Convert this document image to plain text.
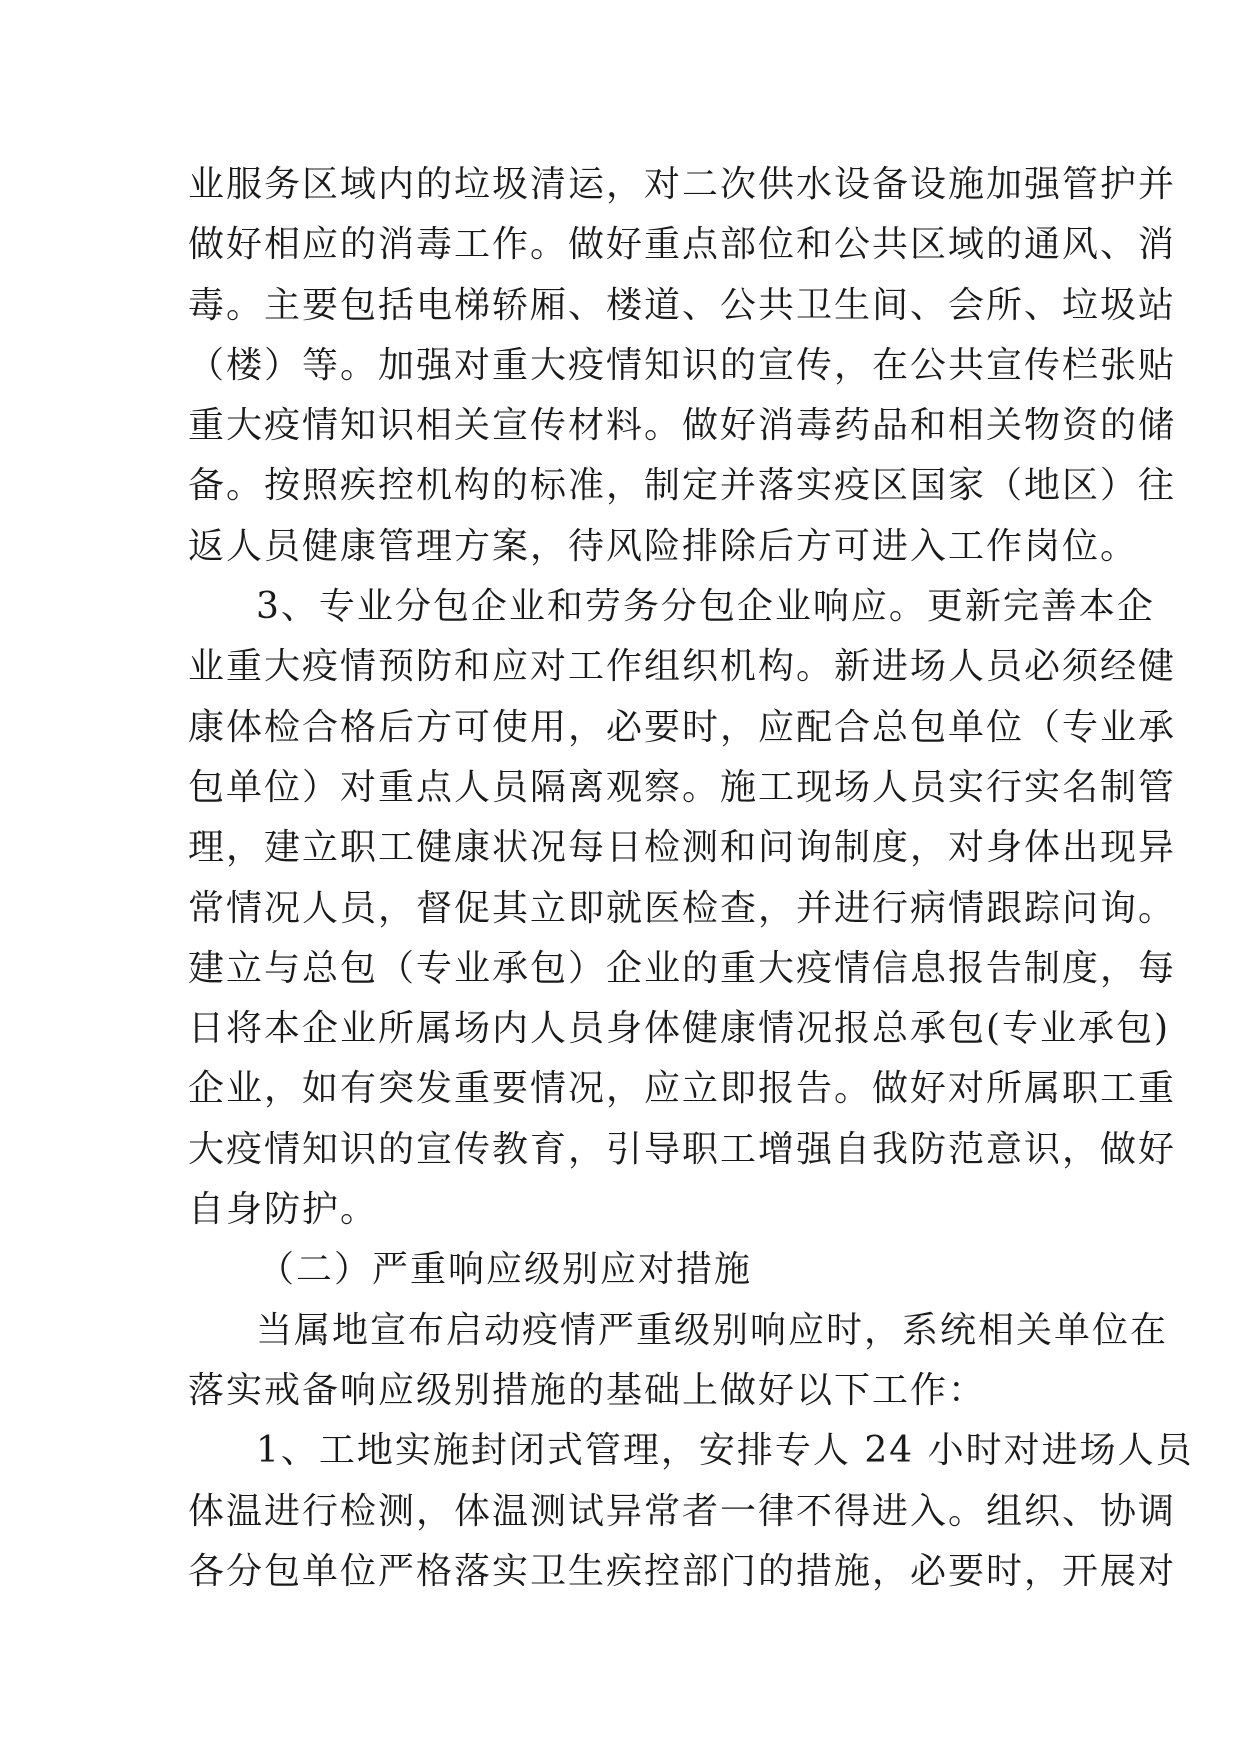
业服务区域内的垃圾清运，对二次供水设备设施加强管护并
做好相应的消毒工作。做好重点部位和公共区域的通风、消
毒。主要包括电梯轿厢、楼道、公共卫生间、会所、垃圾站
（楼）等。加强对重大疫情知识的宣传，在公共宣传栏张贴
重大疫情知识相关宣传材料。做好消毒药品和相关物资的储
备。按照疾控机构的标准，制定并落实疫区国家（地区）往
返人员健康管理方案，待风险排除后方可进入工作岗位。
3、专业分包企业和劳务分包企业响应。更新完善本企
业重大疫情预防和应对工作组织机构。新进场人员必须经健
康体检合格后方可使用，必要时，应配合总包单位（专业承
包单位）对重点人员隔离观察。施工现场人员实行实名制管
理，建立职工健康状况每日检测和问询制度，对身体出现异
常情况人员，督促其立即就医检查，并进行病情跟踪问询。
建立与总包（专业承包）企业的重大疫情信息报告制度，每
日将本企业所属场内人员身体健康情况报总承包(专业承包)
企业，如有突发重要情况，应立即报告。做好对所属职工重
大疫情知识的宣传教育，引导职工增强自我防范意识，做好
自身防护。
（二）严重响应级别应对措施
当属地宣布启动疫情严重级别响应时，系统相关单位在
落实戒备响应级别措施的基础上做好以下工作：
1、工地实施封闭式管理，安排专人 24 小时对进场人员
体温进行检测，体温测试异常者一律不得进入。组织、协调
各分包单位严格落实卫生疾控部门的措施，必要时，开展对
